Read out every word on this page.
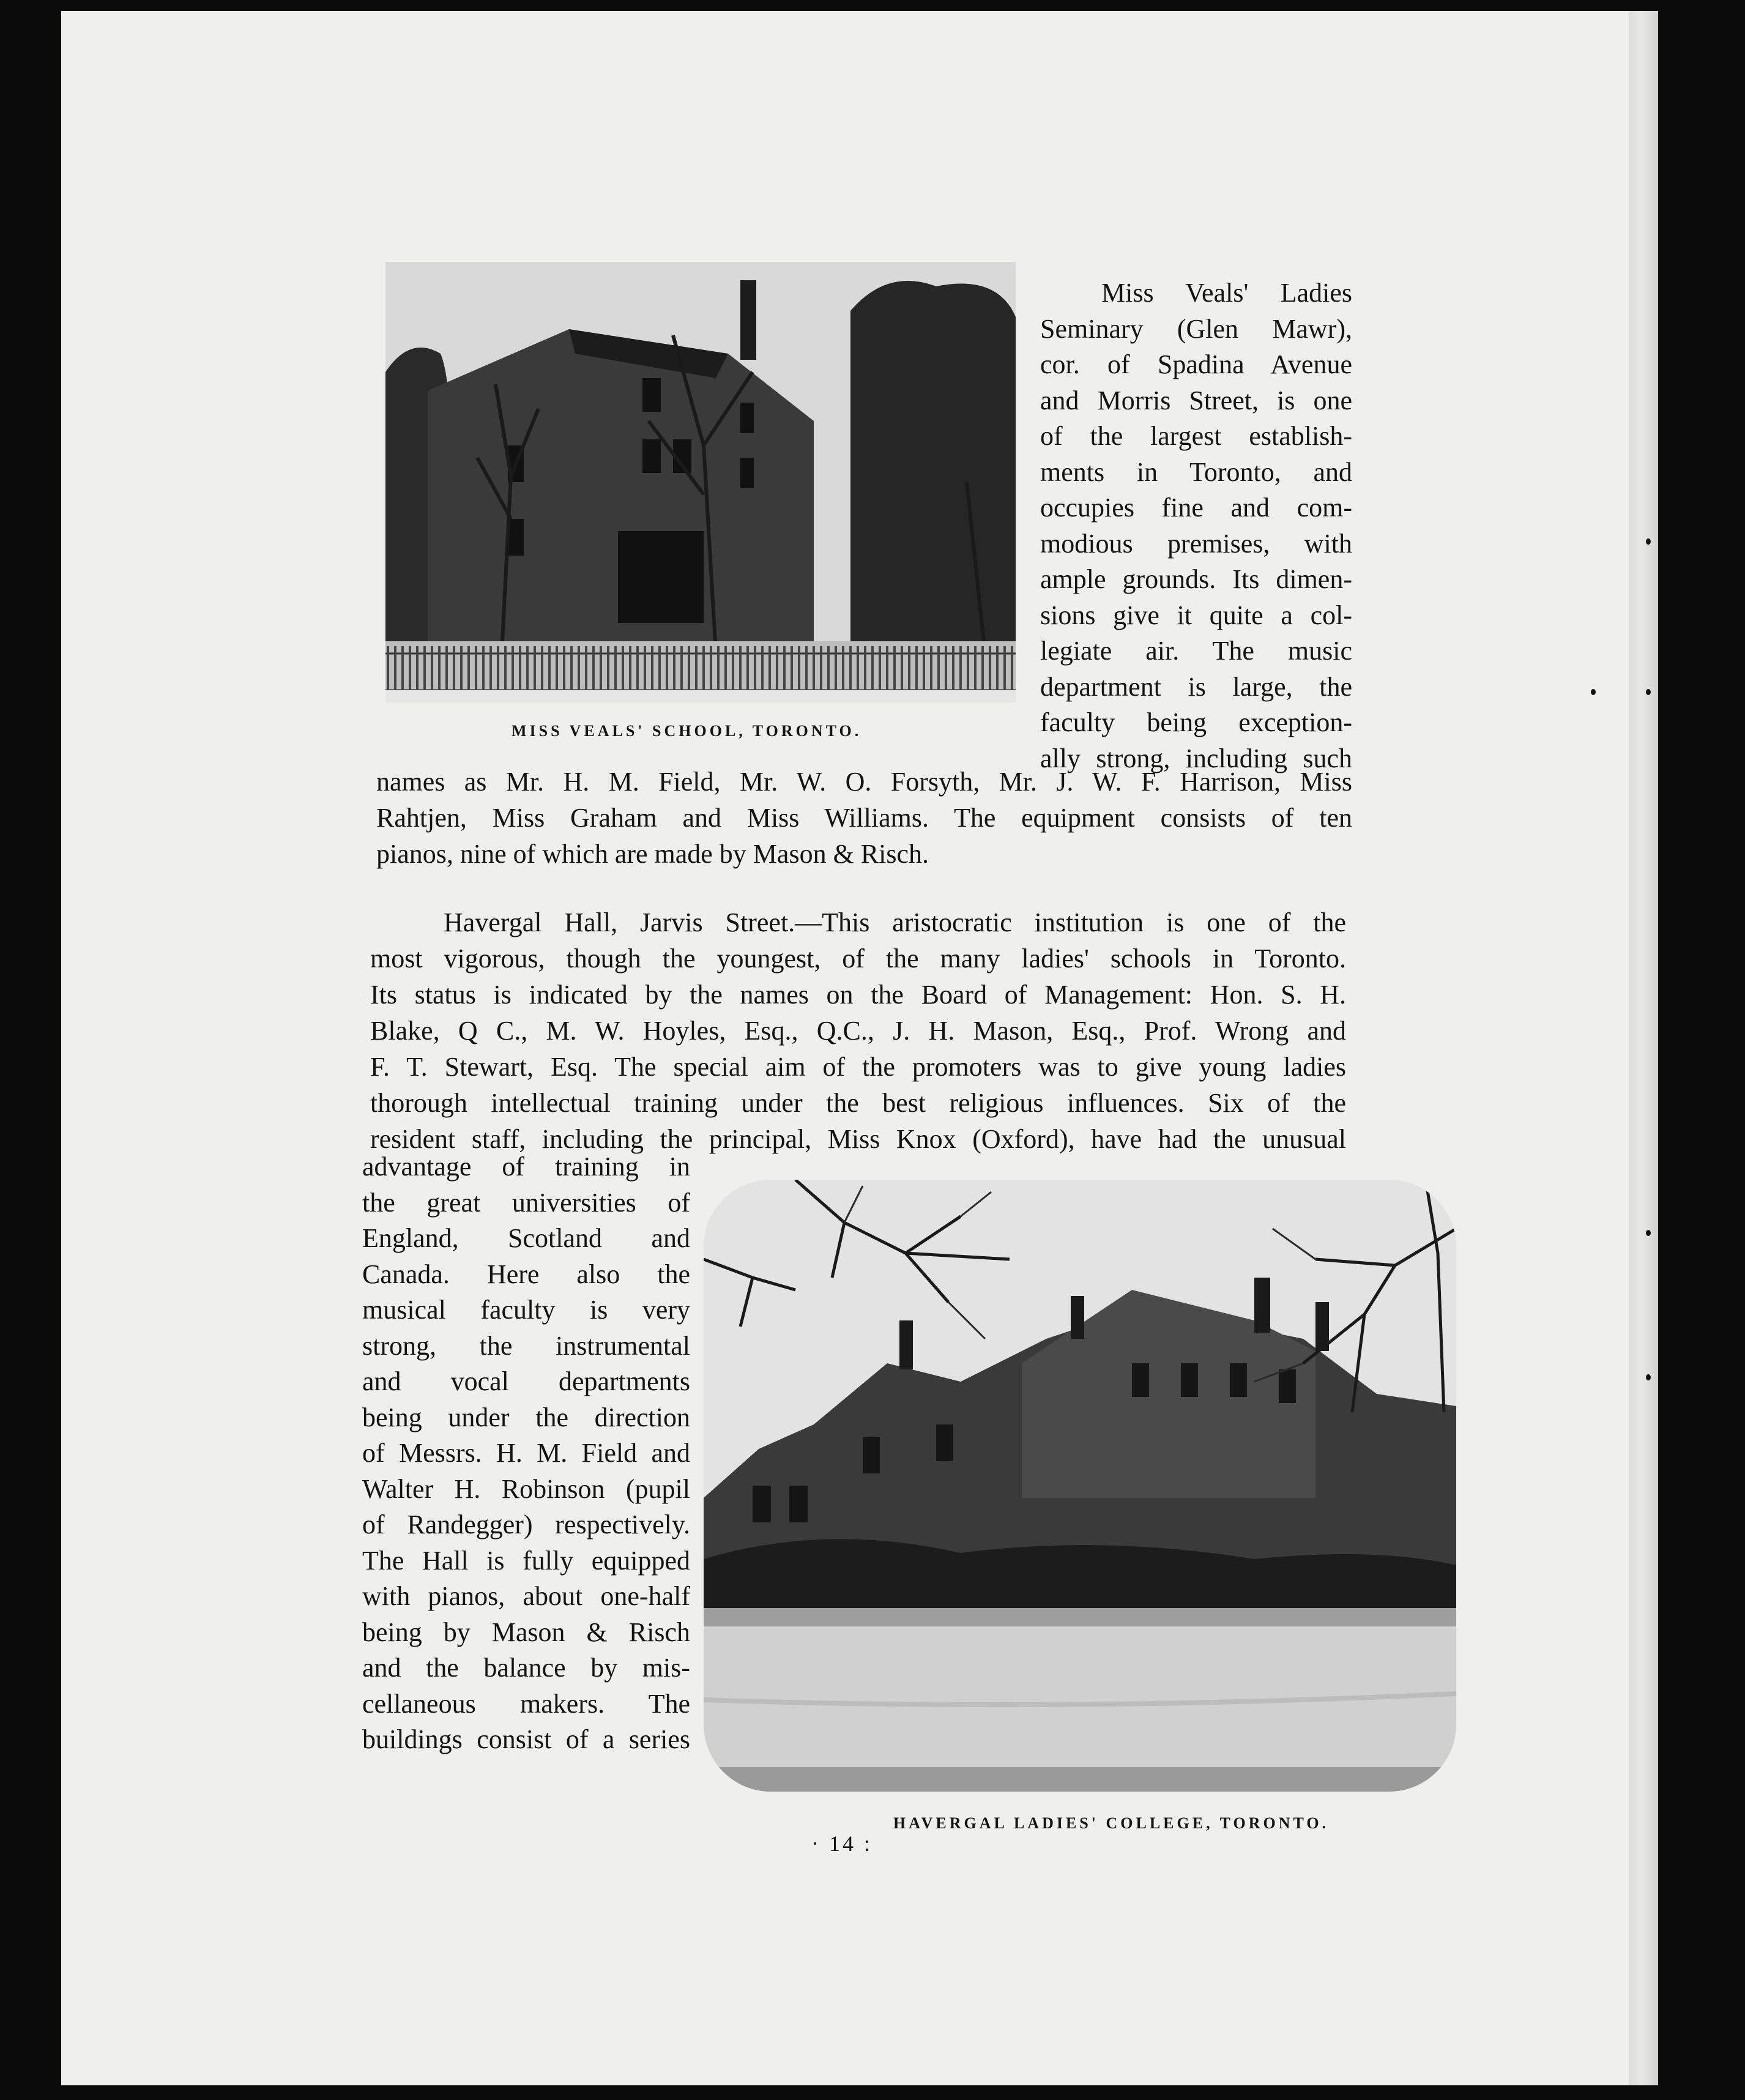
MISS VEALS' SCHOOL, TORONTO.

Miss Veals' Ladies

Seminary (Glen Mawr),

cor. of Spadina Avenue

and Morris Street, is one

of the largest establish-

ments in Toronto, and

occupies fine and com-

modious premises, with

ample grounds. Its dimen-

sions give it quite a col-

legiate air. The music

department is large, the

faculty being exception-

ally strong, including such

names as Mr. H. M. Field, Mr. W. O. Forsyth, Mr. J. W. F. Harrison, Miss

Rahtjen, Miss Graham and Miss Williams. The equipment consists of ten

pianos, nine of which are made by Mason & Risch.

Havergal Hall, Jarvis Street.—This aristocratic institution is one of the

most vigorous, though the youngest, of the many ladies' schools in Toronto.

Its status is indicated by the names on the Board of Management: Hon. S. H.

Blake, Q C., M. W. Hoyles, Esq., Q.C., J. H. Mason, Esq., Prof. Wrong and

F. T. Stewart, Esq. The special aim of the promoters was to give young ladies

thorough intellectual training under the best religious influences. Six of the

resident staff, including the principal, Miss Knox (Oxford), have had the unusual

advantage of training in

the great universities of

England, Scotland and

Canada. Here also the

musical faculty is very

strong, the instrumental

and vocal departments

being under the direction

of Messrs. H. M. Field and

Walter H. Robinson (pupil

of Randegger) respectively.

The Hall is fully equipped

with pianos, about one-half

being by Mason & Risch

and the balance by mis-

cellaneous makers. The

buildings consist of a series

HAVERGAL LADIES' COLLEGE, TORONTO.
· 14 :
